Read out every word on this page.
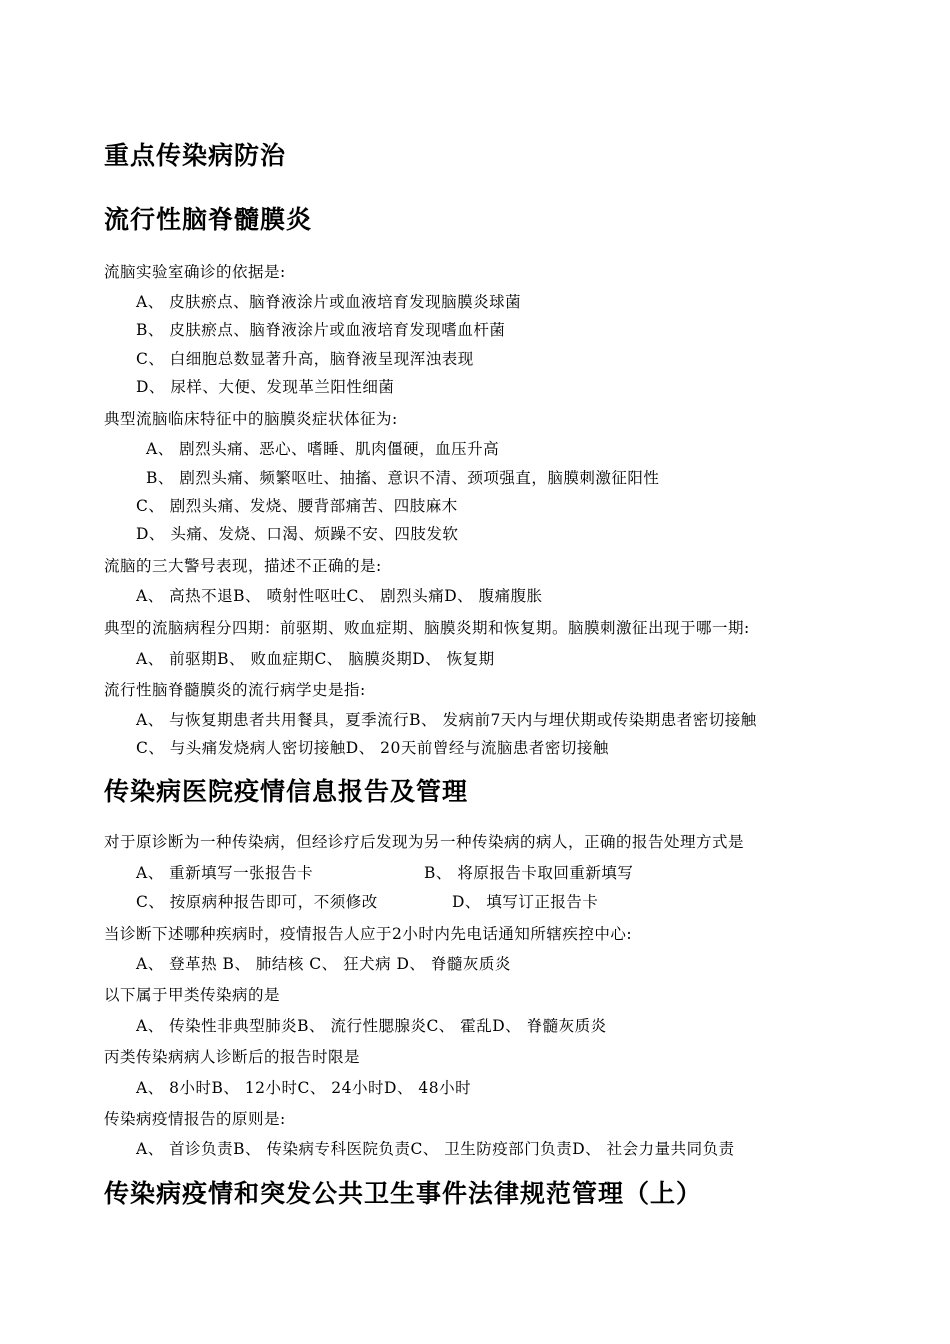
重点传染病防治
流行性脑脊髓膜炎
流脑实验室确诊的依据是:
A、 皮肤瘀点、脑脊液涂片或血液培育发现脑膜炎球菌
B、 皮肤瘀点、脑脊液涂片或血液培育发现嗜血杆菌
C、 白细胞总数显著升高，脑脊液呈现浑浊表现
D、 尿样、大便、发现革兰阳性细菌
典型流脑临床特征中的脑膜炎症状体征为:
A、 剧烈头痛、恶心、嗜睡、肌肉僵硬，血压升高
B、 剧烈头痛、频繁呕吐、抽搐、意识不清、颈项强直，脑膜刺激征阳性
C、 剧烈头痛、发烧、腰背部痛苦、四肢麻木
D、 头痛、发烧、口渴、烦躁不安、四肢发软
流脑的三大警号表现，描述不正确的是:
A、 高热不退B、 喷射性呕吐C、 剧烈头痛D、 腹痛腹胀
典型的流脑病程分四期：前驱期、败血症期、脑膜炎期和恢复期。脑膜刺激征出现于哪一期:
A、 前驱期B、 败血症期C、 脑膜炎期D、 恢复期
流行性脑脊髓膜炎的流行病学史是指:
A、 与恢复期患者共用餐具，夏季流行B、 发病前7天内与埋伏期或传染期患者密切接触
C、 与头痛发烧病人密切接触D、 20天前曾经与流脑患者密切接触
传染病医院疫情信息报告及管理
对于原诊断为一种传染病，但经诊疗后发现为另一种传染病的病人，正确的报告处理方式是
A、 重新填写一张报告卡	B、 将原报告卡取回重新填写
C、 按原病种报告即可，不须修改	D、 填写订正报告卡
当诊断下述哪种疾病时，疫情报告人应于2小时内先电话通知所辖疾控中心:
A、 登革热 B、 肺结核 C、 狂犬病 D、 脊髓灰质炎
以下属于甲类传染病的是
A、 传染性非典型肺炎B、 流行性腮腺炎C、 霍乱D、 脊髓灰质炎
丙类传染病病人诊断后的报告时限是
A、 8小时B、 12小时C、 24小时D、 48小时
传染病疫情报告的原则是:
A、 首诊负责B、 传染病专科医院负责C、 卫生防疫部门负责D、 社会力量共同负责
传染病疫情和突发公共卫生事件法律规范管理（上）
